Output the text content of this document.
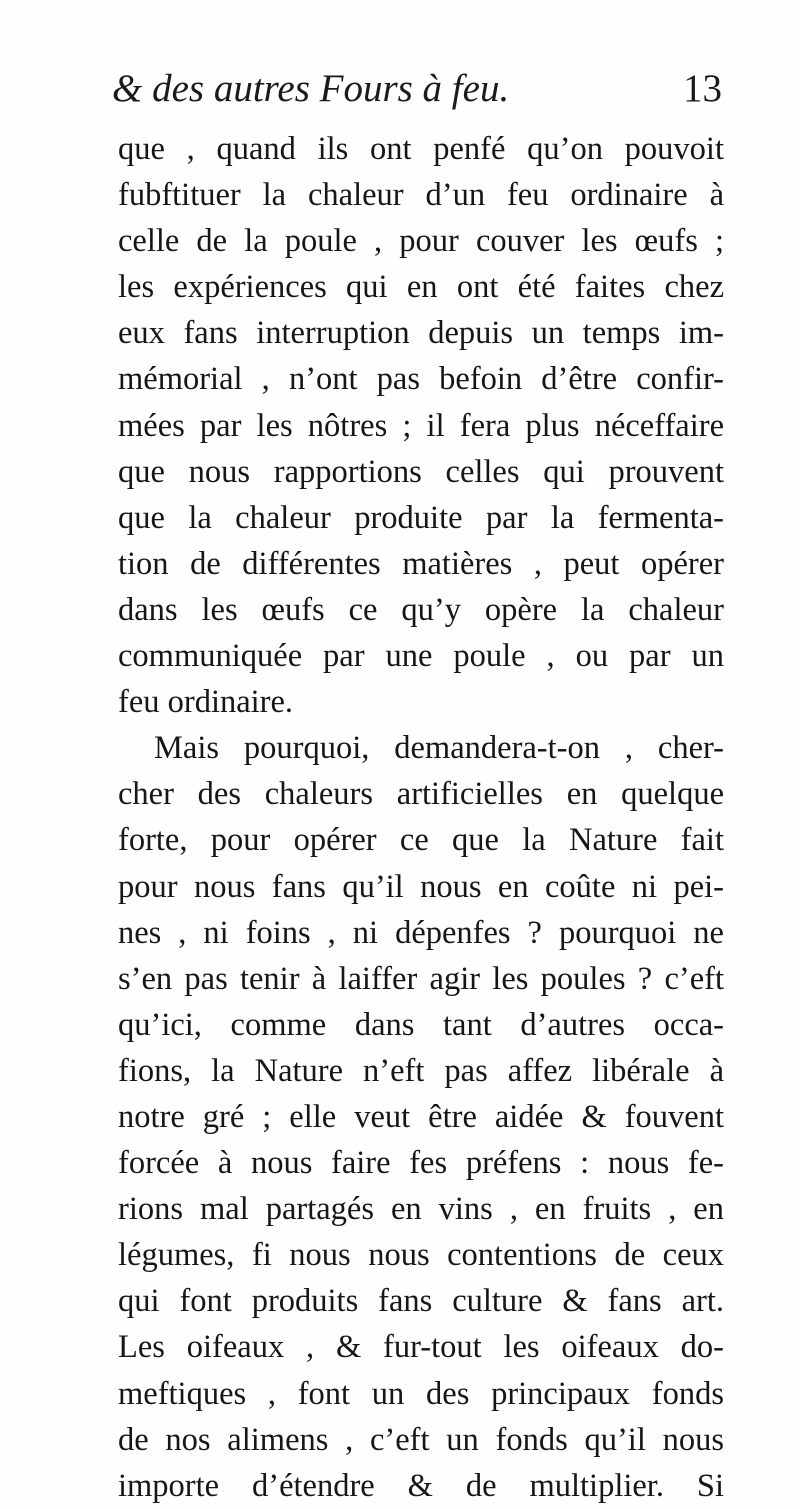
& des autres Fours à feu.	13
que , quand ils ont penfé qu’on pouvoit
fubftituer la chaleur d’un feu ordinaire à
celle de la poule , pour couver les œufs ;
les expériences qui en ont été faites chez
eux fans interruption depuis un temps im-
mémorial , n’ont pas befoin d’être confir-
mées par les nôtres ; il fera plus néceffaire
que nous rapportions celles qui prouvent
que la chaleur produite par la fermenta-
tion de différentes matières , peut opérer
dans les œufs ce qu’y opère la chaleur
communiquée par une poule , ou par un
feu ordinaire.
Mais pourquoi, demandera-t-on , cher-
cher des chaleurs artificielles en quelque
forte, pour opérer ce que la Nature fait
pour nous fans qu’il nous en coûte ni pei-
nes , ni foins , ni dépenfes ? pourquoi ne
s’en pas tenir à laiffer agir les poules ? c’eft
qu’ici, comme dans tant d’autres occa-
fions, la Nature n’eft pas affez libérale à
notre gré ; elle veut être aidée & fouvent
forcée à nous faire fes préfens : nous fe-
rions mal partagés en vins , en fruits , en
légumes, fi nous nous contentions de ceux
qui font produits fans culture & fans art.
Les oifeaux , & fur-tout les oifeaux do-
meftiques , font un des principaux fonds
de nos alimens , c’eft un fonds qu’il nous
importe d’étendre & de multiplier. Si
